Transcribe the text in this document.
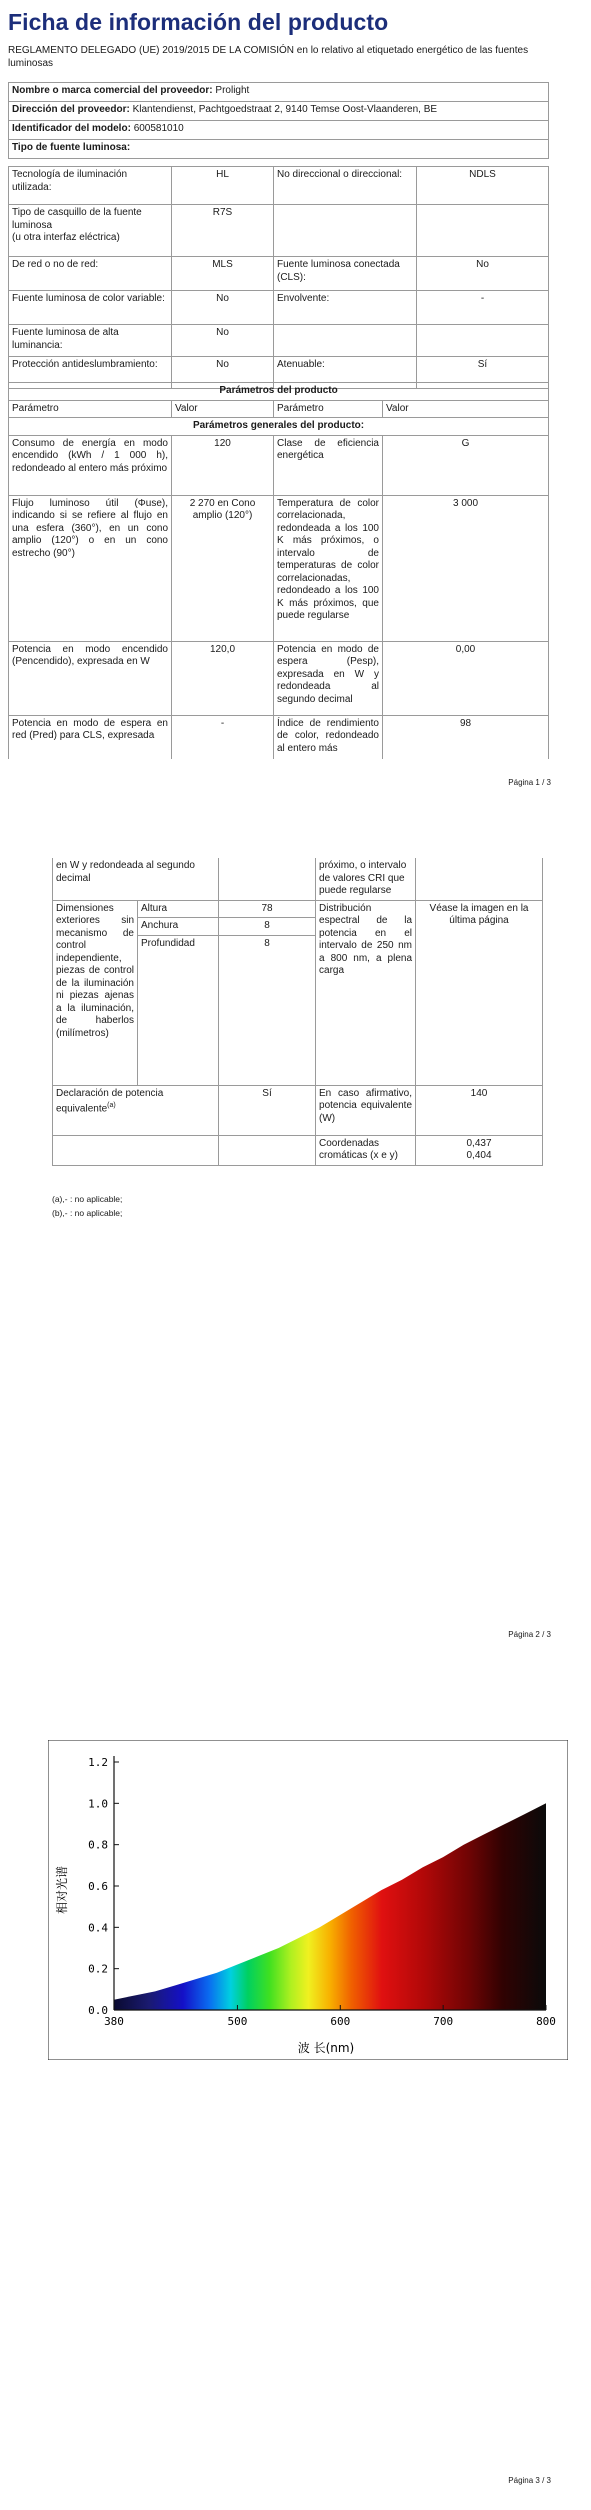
Ficha de información del producto
REGLAMENTO DELEGADO (UE) 2019/2015 DE LA COMISIÓN en lo relativo al etiquetado energético de las fuentes luminosas
Nombre o marca comercial del proveedor: Prolight
Dirección del proveedor: Klantendienst, Pachtgoedstraat 2, 9140 Temse Oost-Vlaanderen, BE
Identificador del modelo: 600581010
Tipo de fuente luminosa:
Tecnología de iluminación utilizada:	HL	No direccional o direccional:	NDLS
Tipo de casquillo de la fuente luminosa
(u otra interfaz eléctrica)	R7S		
De red o no de red:	MLS	Fuente luminosa conectada (CLS):	No
Fuente luminosa de color variable:	No	Envolvente:	-
Fuente luminosa de alta luminancia:	No		
Protección antideslumbramiento:	No	Atenuable:	Sí
Parámetros del producto			
Parámetro	Valor	Parámetro	Valor
Parámetros generales del producto:			
Consumo de energía en modo encendido (kWh / 1 000 h), redondeado al entero más próximo	120	Clase de eficiencia energética	G
Flujo luminoso útil (Φuse), indicando si se refiere al flujo en una esfera (360°), en un cono amplio (120°) o en un cono estrecho (90°)	2 270 en Cono amplio (120°)	Temperatura de color correlacionada, redondeada a los 100 K más próximos, o intervalo de temperaturas de color correlacionadas, redondeado a los 100 K más próximos, que puede regularse	3 000
Potencia en modo encendido (Pencendido), expresada en W	120,0	Potencia en modo de espera (Pesp), expresada en W y redondeada al segundo decimal	0,00
Potencia en modo de espera en red (Pred) para CLS, expresada	-	Índice de rendimiento de color, redondeado al entero más	98
Página 1 / 3
en W y redondeada al segundo decimal			próximo, o intervalo de valores CRI que puede regularse	
Dimensiones exteriores sin mecanismo de control independiente, piezas de control de la iluminación ni piezas ajenas a la iluminación, de haberlos (milímetros)	Altura	78	Distribución espectral de la potencia en el intervalo de 250 nm a 800 nm, a plena carga	Véase la imagen en la última página
	Anchura	8		
	Profundidad	8		
Declaración de potencia equivalente$^{(a)}$		Sí	En caso afirmativo, potencia equivalente (W)	140
			Coordenadas cromáticas (x e y)	0,437
0,404
(a),- : no aplicable;
(b),- : no aplicable;
Página 2 / 3
0.0
0.2
0.4
0.6
0.8
1.0
1.2
380	500	600	700	800
相对光谱
波 长(nm)
Página 3 / 3
